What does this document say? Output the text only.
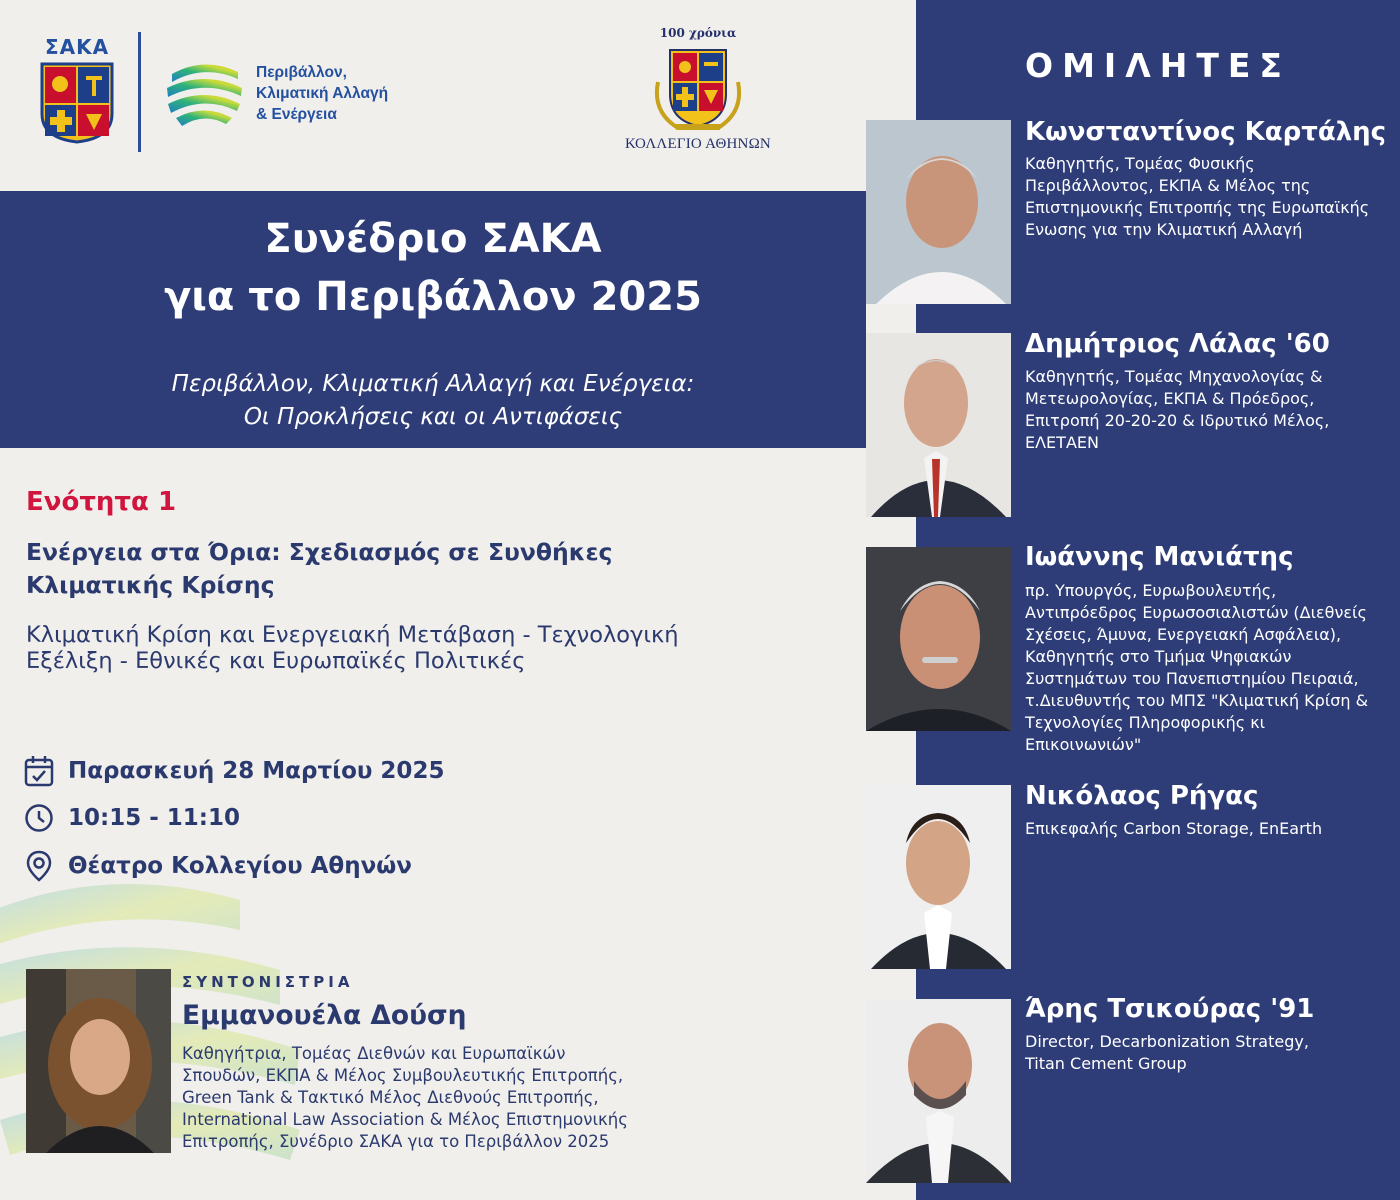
ΣΑΚΑ
Περιβάλλον,
Κλιματική Αλλαγή
& Ενέργεια
100 χρόνια
ΚΟΛΛΕΓΙΟ ΑΘΗΝΩΝ
Συνέδριο ΣΑΚΑ
για το Περιβάλλον 2025
Περιβάλλον, Κλιματική Αλλαγή και Ενέργεια:
Οι Προκλήσεις και οι Αντιφάσεις
Ενότητα 1
Ενέργεια στα Όρια: Σχεδιασμός σε Συνθήκες
Κλιματικής Κρίσης
Κλιματική Κρίση και Ενεργειακή Μετάβαση - Τεχνολογική
Εξέλιξη - Εθνικές και Ευρωπαϊκές Πολιτικές
Παρασκευή 28 Μαρτίου 2025
10:15 - 11:10
Θέατρο Κολλεγίου Αθηνών
ΣΥΝΤΟΝΙΣΤΡΙΑ
Εμμανουέλα Δούση
Καθηγήτρια, Τομέας Διεθνών και Ευρωπαϊκών
Σπουδών, ΕΚΠΑ & Μέλος Συμβουλευτικής Επιτροπής,
Green Tank & Τακτικό Μέλος Διεθνούς Επιτροπής,
International Law Association & Μέλος Επιστημονικής
Επιτροπής, Συνέδριο ΣΑΚΑ για το Περιβάλλον 2025
ΟΜΙΛΗΤΕΣ
Κωνσταντίνος Καρτάλης
Καθηγητής, Τομέας Φυσικής
Περιβάλλοντος, ΕΚΠΑ & Μέλος της
Επιστημονικής Επιτροπής της Ευρωπαϊκής
Ενωσης για την Κλιματική Αλλαγή
Δημήτριος Λάλας '60
Καθηγητής, Τομέας Μηχανολογίας &
Μετεωρολογίας, ΕΚΠΑ & Πρόεδρος,
Επιτροπή 20-20-20 & Ιδρυτικό Μέλος,
ΕΛΕΤΑΕΝ
Ιωάννης Μανιάτης
πρ. Υπουργός, Ευρωβουλευτής,
Αντιπρόεδρος Ευρωσοσιαλιστών (Διεθνείς
Σχέσεις, Άμυνα, Ενεργειακή Ασφάλεια),
Καθηγητής στο Τμήμα Ψηφιακών
Συστημάτων του Πανεπιστημίου Πειραιά,
τ.Διευθυντής του ΜΠΣ "Κλιματική Κρίση &
Τεχνολογίες Πληροφορικής κι
Επικοινωνιών"
Νικόλαος Ρήγας
Επικεφαλής Carbon Storage, EnEarth
Άρης Τσικούρας '91
Director, Decarbonization Strategy,
Titan Cement Group
